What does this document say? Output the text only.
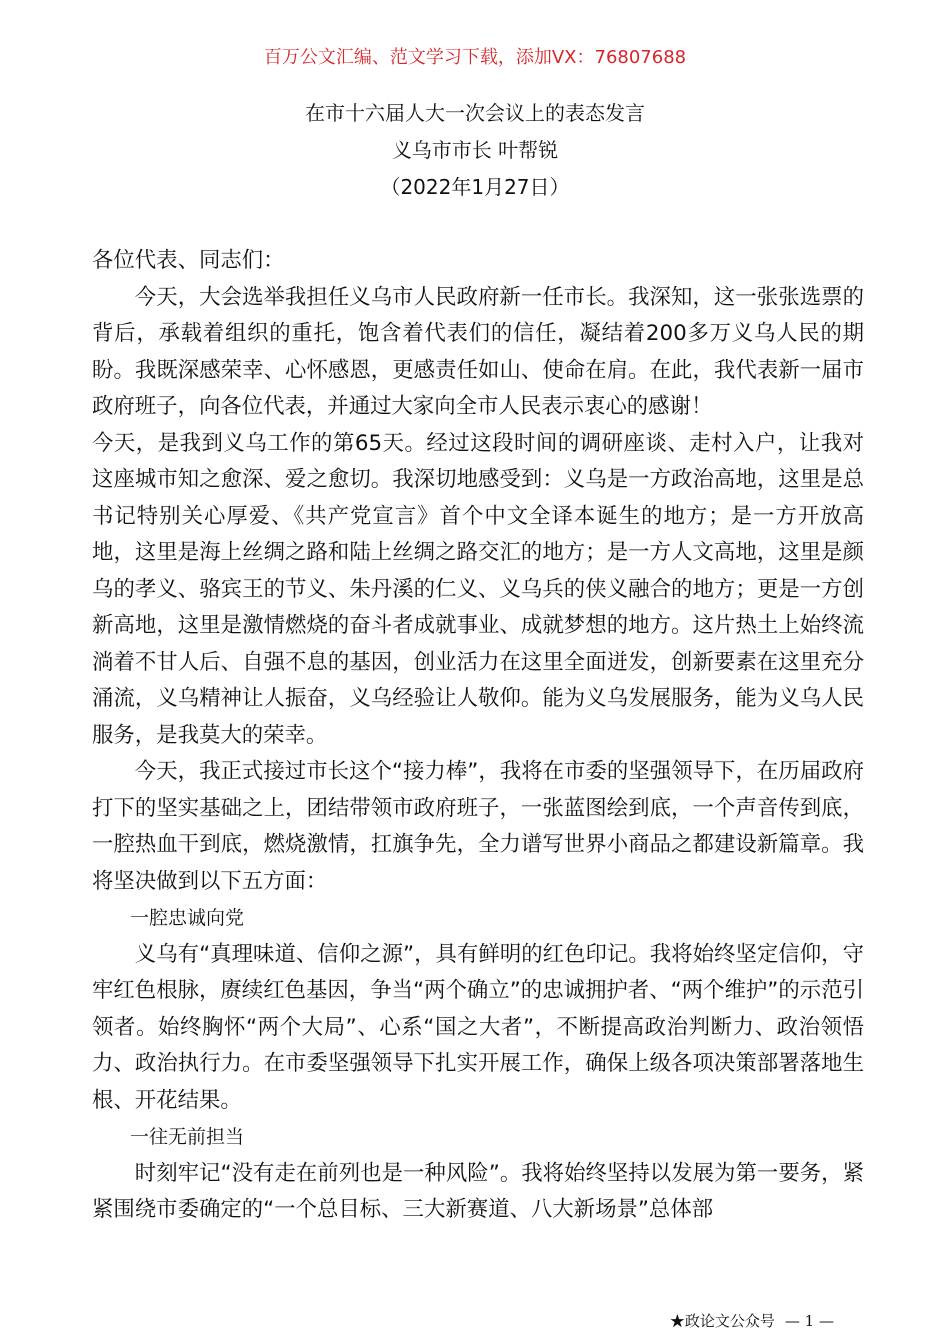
百万公文汇编、范文学习下载，添加VX：76807688
在市十六届人大一次会议上的表态发言
义乌市市长 叶帮锐
（2022年1月27日）

各位代表、同志们：

今天，大会选举我担任义乌市人民政府新一任市长。我深知，这一张张选票的背后，承载着组织的重托，饱含着代表们的信任，凝结着200多万义乌人民的期盼。我既深感荣幸、心怀感恩，更感责任如山、使命在肩。在此，我代表新一届市政府班子，向各位代表，并通过大家向全市人民表示衷心的感谢！

今天，是我到义乌工作的第65天。经过这段时间的调研座谈、走村入户，让我对这座城市知之愈深、爱之愈切。我深切地感受到：义乌是一方政治高地，这里是总书记特别关心厚爱、《共产党宣言》首个中文全译本诞生的地方；是一方开放高地，这里是海上丝绸之路和陆上丝绸之路交汇的地方；是一方人文高地，这里是颜乌的孝义、骆宾王的节义、朱丹溪的仁义、义乌兵的侠义融合的地方；更是一方创新高地，这里是激情燃烧的奋斗者成就事业、成就梦想的地方。这片热土上始终流淌着不甘人后、自强不息的基因，创业活力在这里全面迸发，创新要素在这里充分涌流，义乌精神让人振奋，义乌经验让人敬仰。能为义乌发展服务，能为义乌人民服务，是我莫大的荣幸。

今天，我正式接过市长这个“接力棒”，我将在市委的坚强领导下，在历届政府打下的坚实基础之上，团结带领市政府班子，一张蓝图绘到底，一个声音传到底，一腔热血干到底，燃烧激情，扛旗争先，全力谱写世界小商品之都建设新篇章。我将坚决做到以下五方面：

一腔忠诚向党

义乌有“真理味道、信仰之源”，具有鲜明的红色印记。我将始终坚定信仰，守牢红色根脉，赓续红色基因，争当“两个确立”的忠诚拥护者、“两个维护”的示范引领者。始终胸怀“两个大局”、心系“国之大者”，不断提高政治判断力、政治领悟力、政治执行力。在市委坚强领导下扎实开展工作，确保上级各项决策部署落地生根、开花结果。

一往无前担当

时刻牢记“没有走在前列也是一种风险”。我将始终坚持以发展为第一要务，紧紧围绕市委确定的“一个总目标、三大新赛道、八大新场景”总体部

★政论文公众号 — 1 —
